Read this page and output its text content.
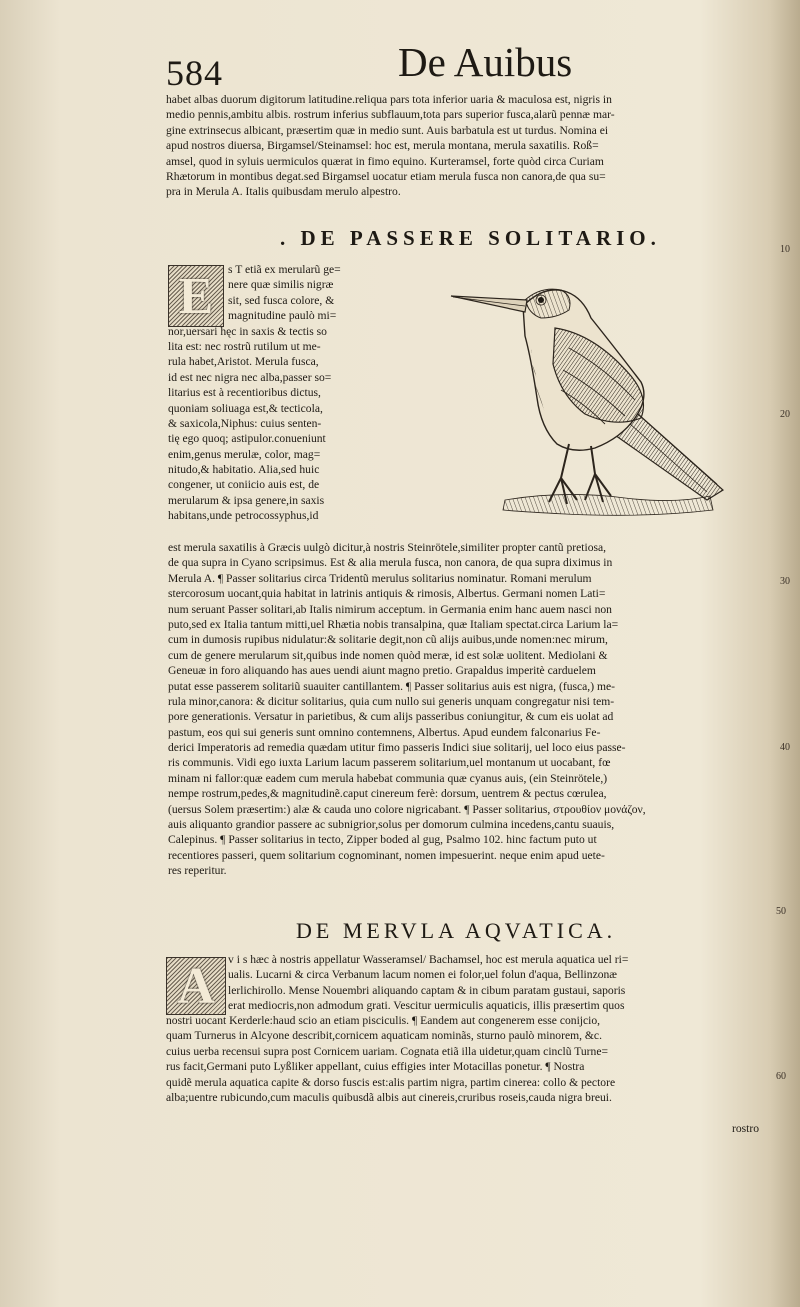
584	De Auibus
habet albas duorum digitorum latitudine.reliqua pars tota inferior uaria & maculosa est, nigris in
medio pennis,ambitu albis. rostrum inferius subflauum,tota pars superior fusca,alarũ pennæ mar-
gine extrinsecus albicant, præsertim quæ in medio sunt. Auis barbatula est ut turdus. Nomina ei
apud nostros diuersa, Birgamsel/Steinamsel: hoc est, merula montana, merula saxatilis. Roß=
amsel, quod in syluis uermiculos quærat in fimo equino. Kurteramsel, forte quòd circa Curiam
Rhætorum in montibus degat.sed Birgamsel uocatur etiam merula fusca non canora,de qua su=
pra in Merula A. Italis quibusdam merulo alpestro.
. DE PASSERE SOLITARIO.
E	s T etiã ex merularũ ge=
nere quæ similis nigræ
sit, sed fusca colore, &
magnitudine paulò mi=
nor,uersari hęc in saxis & tectis so
lita est: nec rostrũ rutilum ut me-
rula habet,Aristot. Merula fusca,
id est nec nigra nec alba,passer so=
litarius est à recentioribus dictus,
quoniam soliuaga est,& tecticola,
& saxicola,Niphus: cuius senten-
tię ego quoq; astipulor.conueniunt
enim,genus merulæ, color, mag=
nitudo,& habitatio. Alia,sed huic
congener, ut coniicio auis est, de
merularum & ipsa genere,in saxis
habitans,unde petrocossyphus,id
est merula saxatilis à Græcis uulgò dicitur,à nostris Steinrötele,similiter propter cantũ pretiosa,
de qua supra in Cyano scripsimus. Est & alia merula fusca, non canora, de qua supra diximus in
Merula A. ¶ Passer solitarius circa Tridentũ merulus solitarius nominatur. Romani merulum
stercorosum uocant,quia habitat in latrinis antiquis & rimosis, Albertus. Germani nomen Lati=
num seruant Passer solitari,ab Italis nimirum acceptum. in Germania enim hanc auem nasci non
puto,sed ex Italia tantum mitti,uel Rhætia nobis transalpina, quæ Italiam spectat.circa Larium la=
cum in dumosis rupibus nidulatur:& solitarie degit,non cũ alijs auibus,unde nomen:nec mirum,
cum de genere merularum sit,quibus inde nomen quòd meræ, id est solæ uolitent. Mediolani &
Geneuæ in foro aliquando has aues uendi aiunt magno pretio. Grapaldus imperitè carduelem
putat esse passerem solitariũ suauiter cantillantem. ¶ Passer solitarius auis est nigra, (fusca,) me-
rula minor,canora: & dicitur solitarius, quia cum nullo sui generis unquam congregatur nisi tem-
pore generationis. Versatur in parietibus, & cum alijs passeribus coniungitur, & cum eis uolat ad
pastum, eos qui sui generis sunt omnino contemnens, Albertus. Apud eundem falconarius Fe-
derici Imperatoris ad remedia quædam utitur fimo passeris Indici siue solitarij, uel loco eius passe-
ris communis. Vidi ego iuxta Larium lacum passerem solitarium,uel montanum ut uocabant, fœ
minam ni fallor:quæ eadem cum merula habebat communia quæ cyanus auis, (ein Steinrötele,)
nempe rostrum,pedes,& magnitudinẽ.caput cinereum ferè: dorsum, uentrem & pectus cœrulea,
(uersus Solem præsertim:) alæ & cauda uno colore nigricabant. ¶ Passer solitarius, στρουθίον μονάζον,
auis aliquanto grandior passere ac subnigrior,solus per domorum culmina incedens,cantu suauis,
Calepinus. ¶ Passer solitarius in tecto, Zipper boded al gug, Psalmo 102. hinc factum puto ut
recentiores passeri, quem solitarium cognominant, nomen impesuerint. neque enim apud uete-
res reperitur.
DE MERVLA AQVATICA.
A	v i s hæc à nostris appellatur Wasseramsel/ Bachamsel, hoc est merula aquatica uel ri=
ualis. Lucarni & circa Verbanum lacum nomen ei folor,uel folun d'aqua, Bellinzonæ
lerlichirollo. Mense Nouembri aliquando captam & in cibum paratam gustaui, saporis
erat mediocris,non admodum grati. Vescitur uermiculis aquaticis, illis præsertim quos
nostri uocant Kerderle:haud scio an etiam pisciculis. ¶ Eandem aut congenerem esse conijcio,
quam Turnerus in Alcyone describit,cornicem aquaticam nominãs, sturno paulò minorem, &c.
cuius uerba recensui supra post Cornicem uariam. Cognata etiã illa uidetur,quam cinclũ Turne=
rus facit,Germani puto Lyßliker appellant, cuius effigies inter Motacillas ponetur. ¶ Nostra
quidẽ merula aquatica capite & dorso fuscis est:alis partim nigra, partim cinerea: collo & pectore
alba;uentre rubicundo,cum maculis quibusdã albis aut cinereis,cruribus roseis,cauda nigra breui.
rostro
10
20
30
40
50
60
